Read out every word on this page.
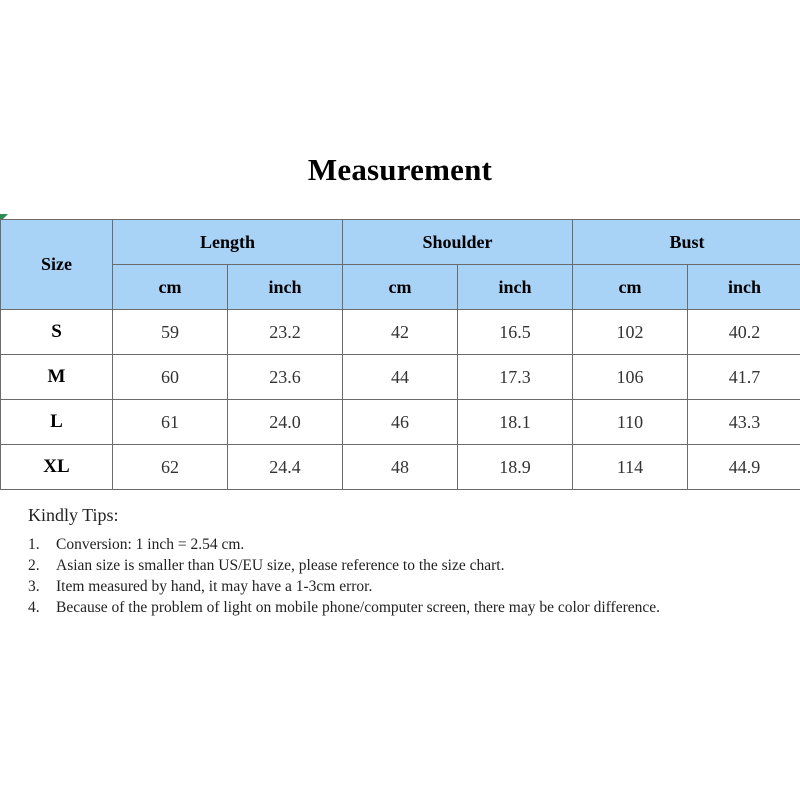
Measurement
Size	Length		Shoulder		Bust	
	cm	inch	cm	inch	cm	inch
S	59	23.2	42	16.5	102	40.2
M	60	23.6	44	17.3	106	41.7
L	61	24.0	46	18.1	110	43.3
XL	62	24.4	48	18.9	114	44.9
Kindly Tips:
1.	Conversion: 1 inch = 2.54 cm.
2.	Asian size is smaller than US/EU size, please reference to the size chart.
3.	Item measured by hand, it may have a 1-3cm error.
4.	Because of the problem of light on mobile phone/computer screen, there may be color difference.
